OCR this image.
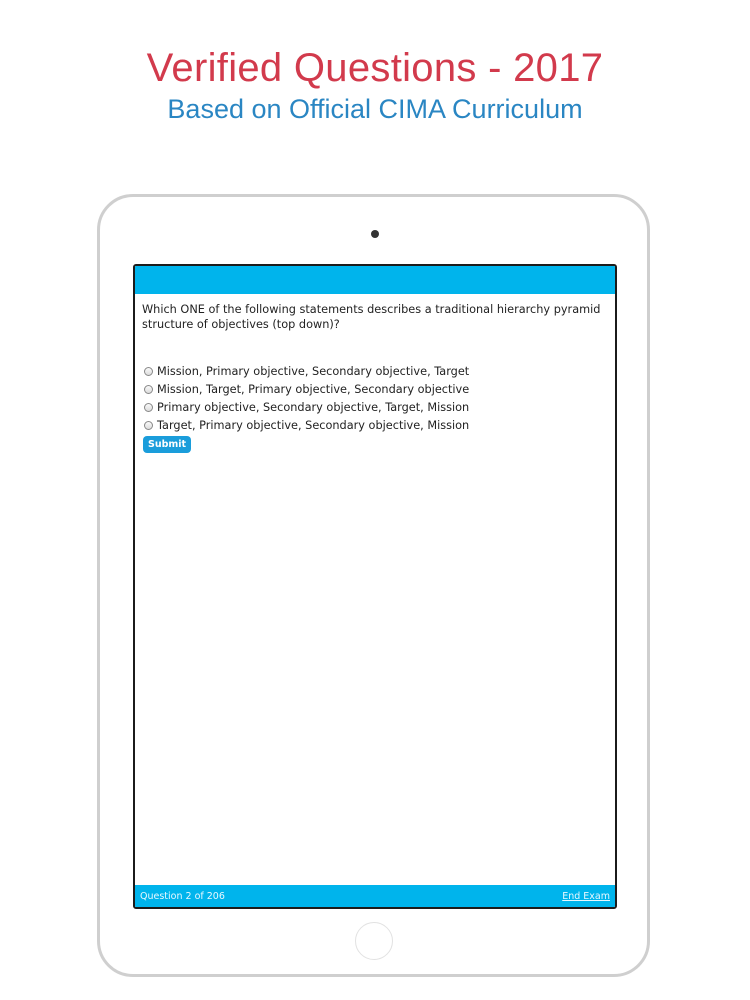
Verified Questions - 2017
Based on Official CIMA Curriculum
Which ONE of the following statements describes a traditional hierarchy pyramid structure of objectives (top down)?
Mission, Primary objective, Secondary objective, Target
Mission, Target, Primary objective, Secondary objective
Primary objective, Secondary objective, Target, Mission
Target, Primary objective, Secondary objective, Mission
Submit
Question 2 of 206	End Exam
